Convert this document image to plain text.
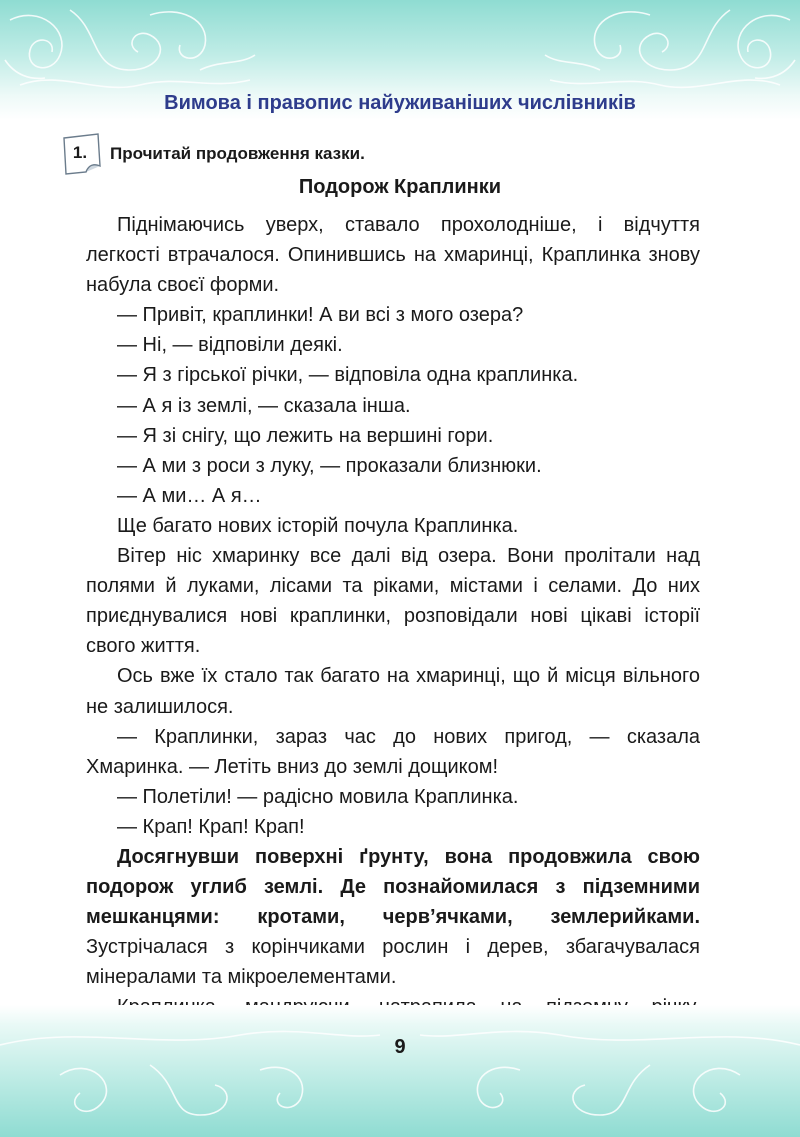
Вимова і правопис найуживаніших числівників
1.	Прочитай продовження казки.
Подорож Краплинки

Піднімаючись уверх, ставало прохолодніше, і відчуття легкості втрачалося. Опинившись на хмаринці, Краплинка знову набула своєї форми.

— Привіт, краплинки! А ви всі з мого озера?

— Ні, — відповіли деякі.

— Я з гірської річки, — відповіла одна краплинка.

— А я із землі, — сказала інша.

— Я зі снігу, що лежить на вершині гори.

— А ми з роси з луку, — проказали близнюки.

— А ми… А я…

Ще багато нових історій почула Краплинка.

Вітер ніс хмаринку все далі від озера. Вони пролітали над полями й луками, лісами та ріками, містами і селами. До них приєднувалися нові краплинки, розповідали нові цікаві історії свого життя.

Ось вже їх стало так багато на хмаринці, що й місця вільного не залишилося.

— Краплинки, зараз час до нових пригод, — сказала Хмаринка. — Летіть вниз до землі дощиком!

— Полетіли! — радісно мовила Краплинка.

— Крап! Крап! Крап!

Досягнувши поверхні ґрунту, вона продовжила свою подорож углиб землі. Де познайомилася з підземними мешканцями: кротами, черв’ячками, землерийками. Зустрічалася з корінчиками рослин і дерев, збагачувалася мінералами та мікроелементами.

9
